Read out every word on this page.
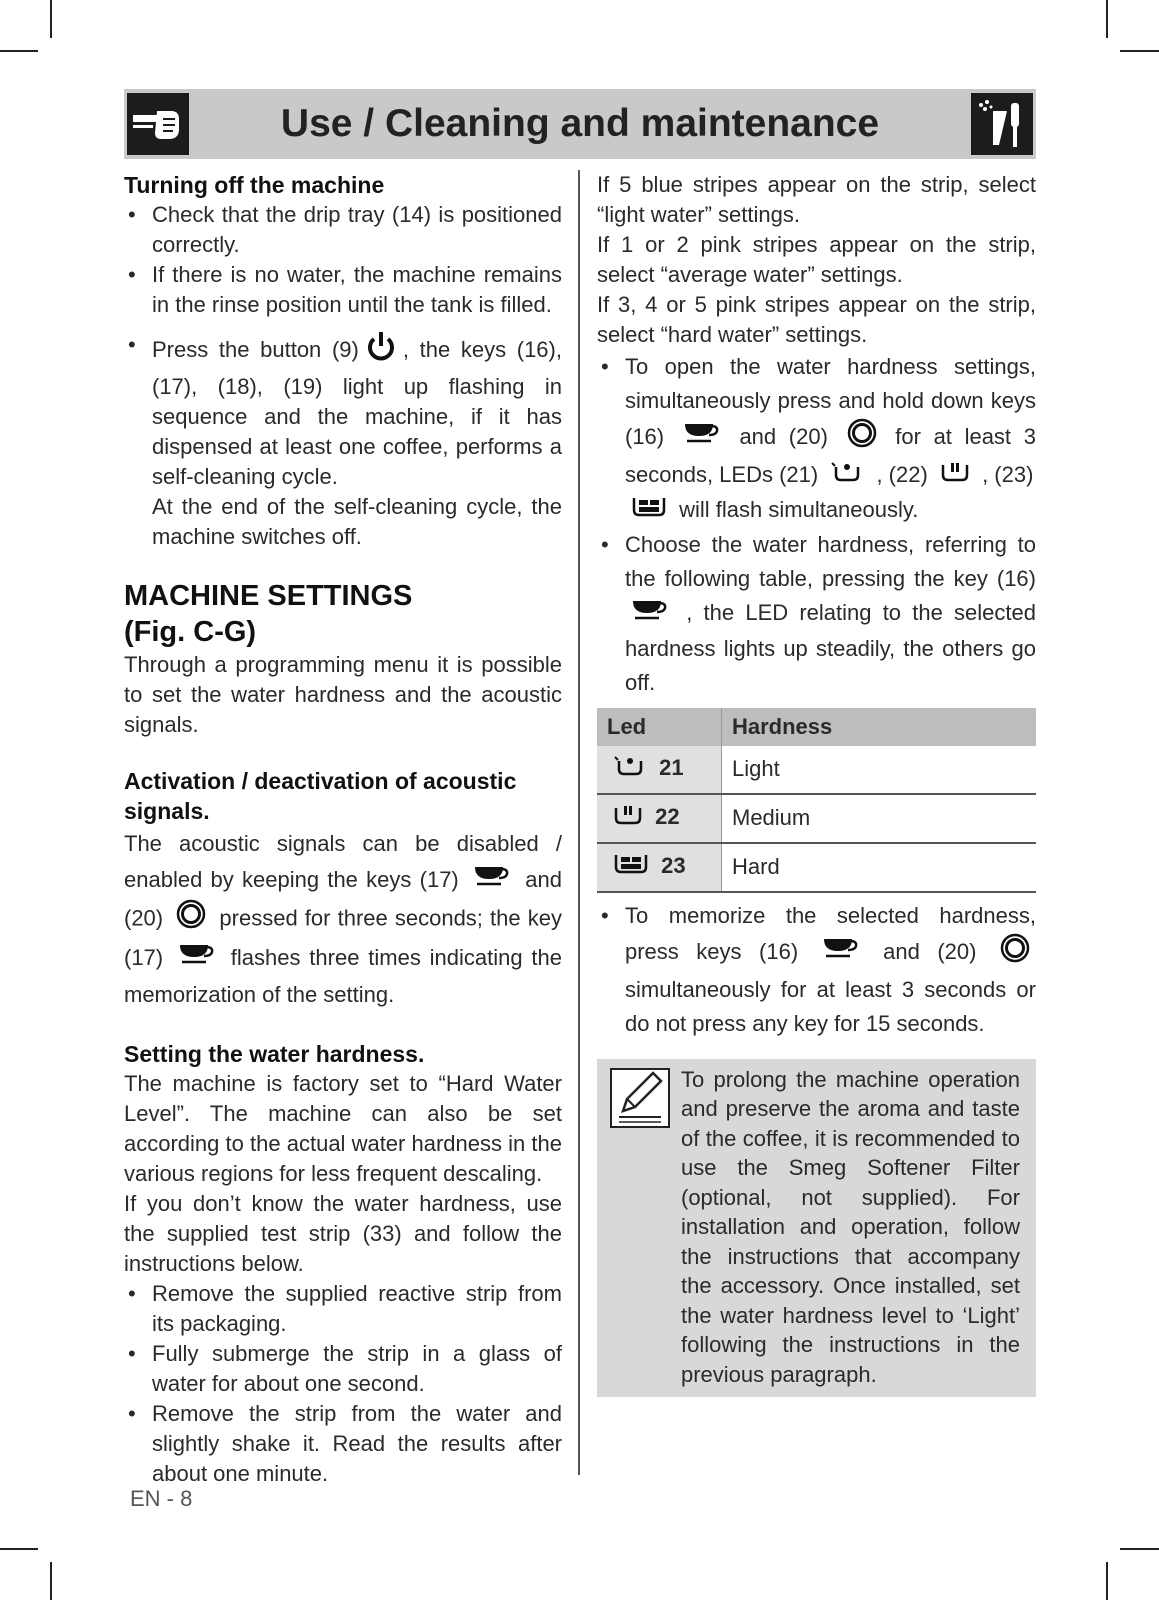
Use / Cleaning and maintenance
Turning off the machine
• Check that the drip tray (14) is positioned correctly.
• If there is no water, the machine remains in the rinse position until the tank is filled.
• Press the button (9) , the keys (16), (17), (18), (19) light up flashing in sequence and the machine, if it has dispensed at least one coffee, performs a self-cleaning cycle.
At the end of the self-cleaning cycle, the machine switches off.
MACHINE SETTINGS
(Fig. C-G)

Through a programming menu it is possible to set the water hardness and the acoustic signals.

Activation / deactivation of acoustic signals.

The acoustic signals can be disabled / enabled by keeping the keys (17)	and (20)	pressed for three seconds; the key (17)	flashes three times indicating the memorization of the setting.

Setting the water hardness.

The machine is factory set to “Hard Water Level”. The machine can also be set according to the actual water hardness in the various regions for less frequent descaling.

If you don’t know the water hardness, use the supplied test strip (33) and follow the instructions below.

• Remove the supplied reactive strip from its packaging.
• Fully submerge the strip in a glass of water for about one second.
• Remove the strip from the water and slightly shake it. Read the results after about one minute.

If 5 blue stripes appear on the strip, select “light water” settings.

If 1 or 2 pink stripes appear on the strip, select “average water” settings.

If 3, 4 or 5 pink stripes appear on the strip, select “hard water” settings.

• To open the water hardness settings, simultaneously press and hold down keys (16)	and (20)	for at least 3 seconds, LEDs (21)	, (22) , (23)
will flash simultaneously.
• Choose the water hardness, referring to the following table, pressing the key (16)  , the LED relating to the selected hardness lights up steadily, the others go off.
Led	Hardness
21	Light
22	Medium
23	Hard
• To memorize the selected hardness, press keys (16)	and (20)  simultaneously for at least 3 seconds or do not press any key for 15 seconds.

To prolong the machine operation and preserve the aroma and taste of the coffee, it is recommended to use the Smeg Softener Filter (optional, not supplied). For installation and operation, follow the instructions that accompany the accessory. Once installed, set the water hardness level to ‘Light’ following the instructions in the previous paragraph.

EN - 8
